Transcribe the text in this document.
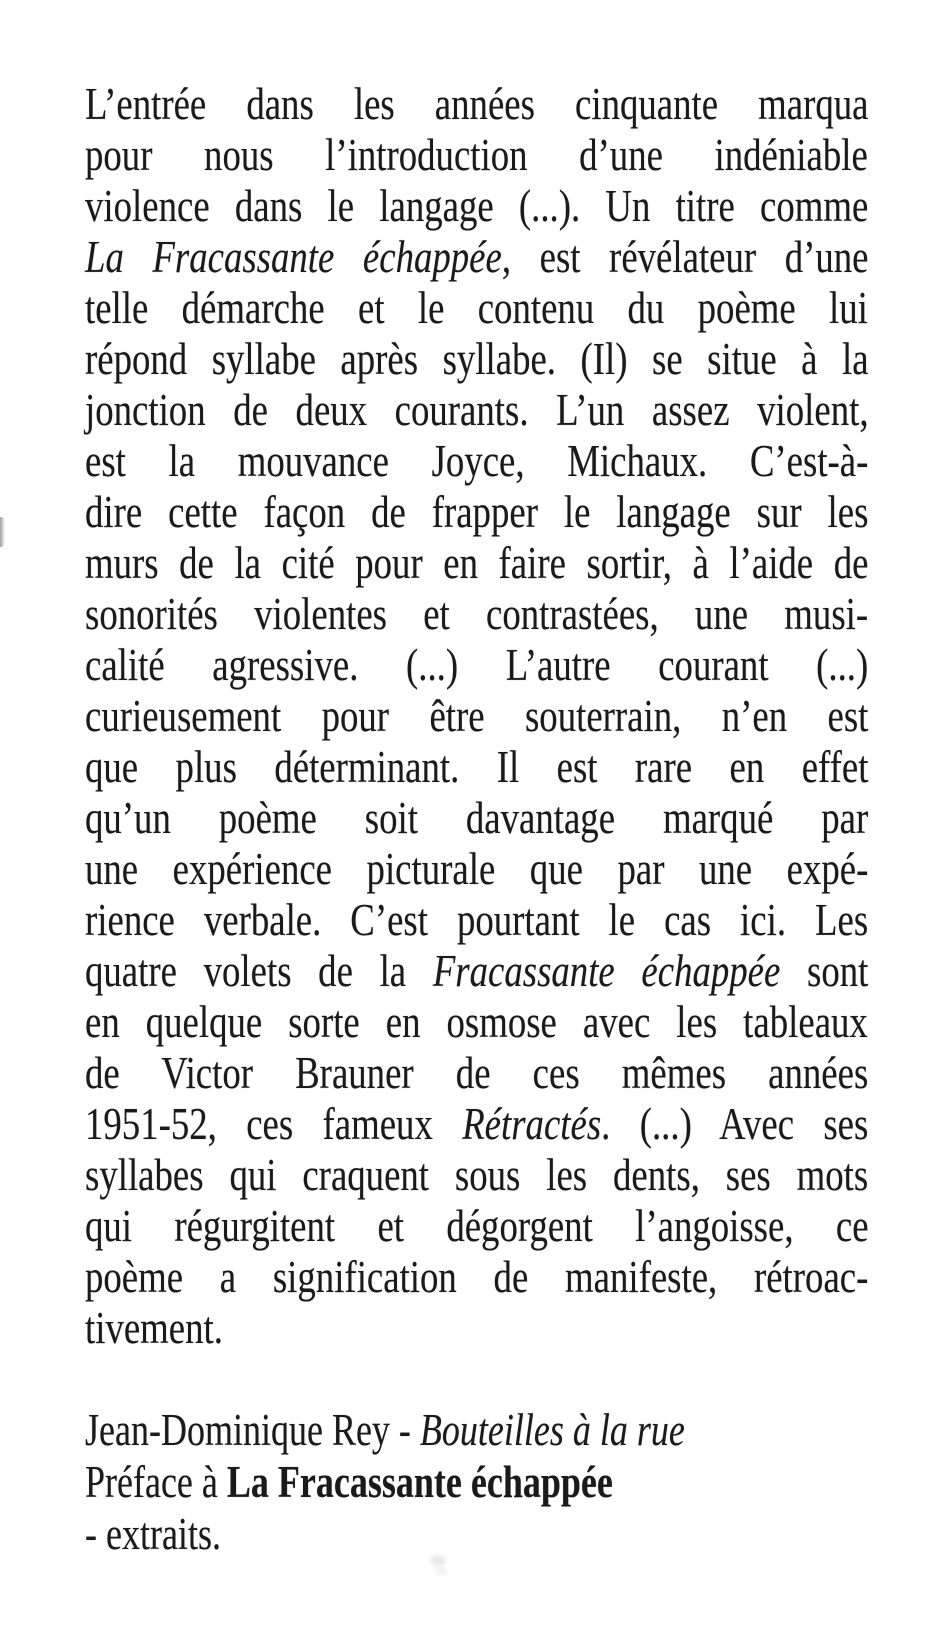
L’entrée dans les années cinquante marqua
pour nous l’introduction d’une indéniable
violence dans le langage (...). Un titre comme
La Fracassante échappée, est révélateur d’une
telle démarche et le contenu du poème lui
répond syllabe après syllabe. (Il) se situe à la
jonction de deux courants. L’un assez violent,
est la mouvance Joyce, Michaux. C’est-à-
dire cette façon de frapper le langage sur les
murs de la cité pour en faire sortir, à l’aide de
sonorités violentes et contrastées, une musi-
calité agressive. (...) L’autre courant (...)
curieusement pour être souterrain, n’en est
que plus déterminant. Il est rare en effet
qu’un poème soit davantage marqué par
une expérience picturale que par une expé-
rience verbale. C’est pourtant le cas ici. Les
quatre volets de la Fracassante échappée sont
en quelque sorte en osmose avec les tableaux
de Victor Brauner de ces mêmes années
1951-52, ces fameux Rétractés. (...) Avec ses
syllabes qui craquent sous les dents, ses mots
qui régurgitent et dégorgent l’angoisse, ce
poème a signification de manifeste, rétroac-
tivement.
Jean-Dominique Rey - Bouteilles à la rue
Préface à La Fracassante échappée
- extraits.
